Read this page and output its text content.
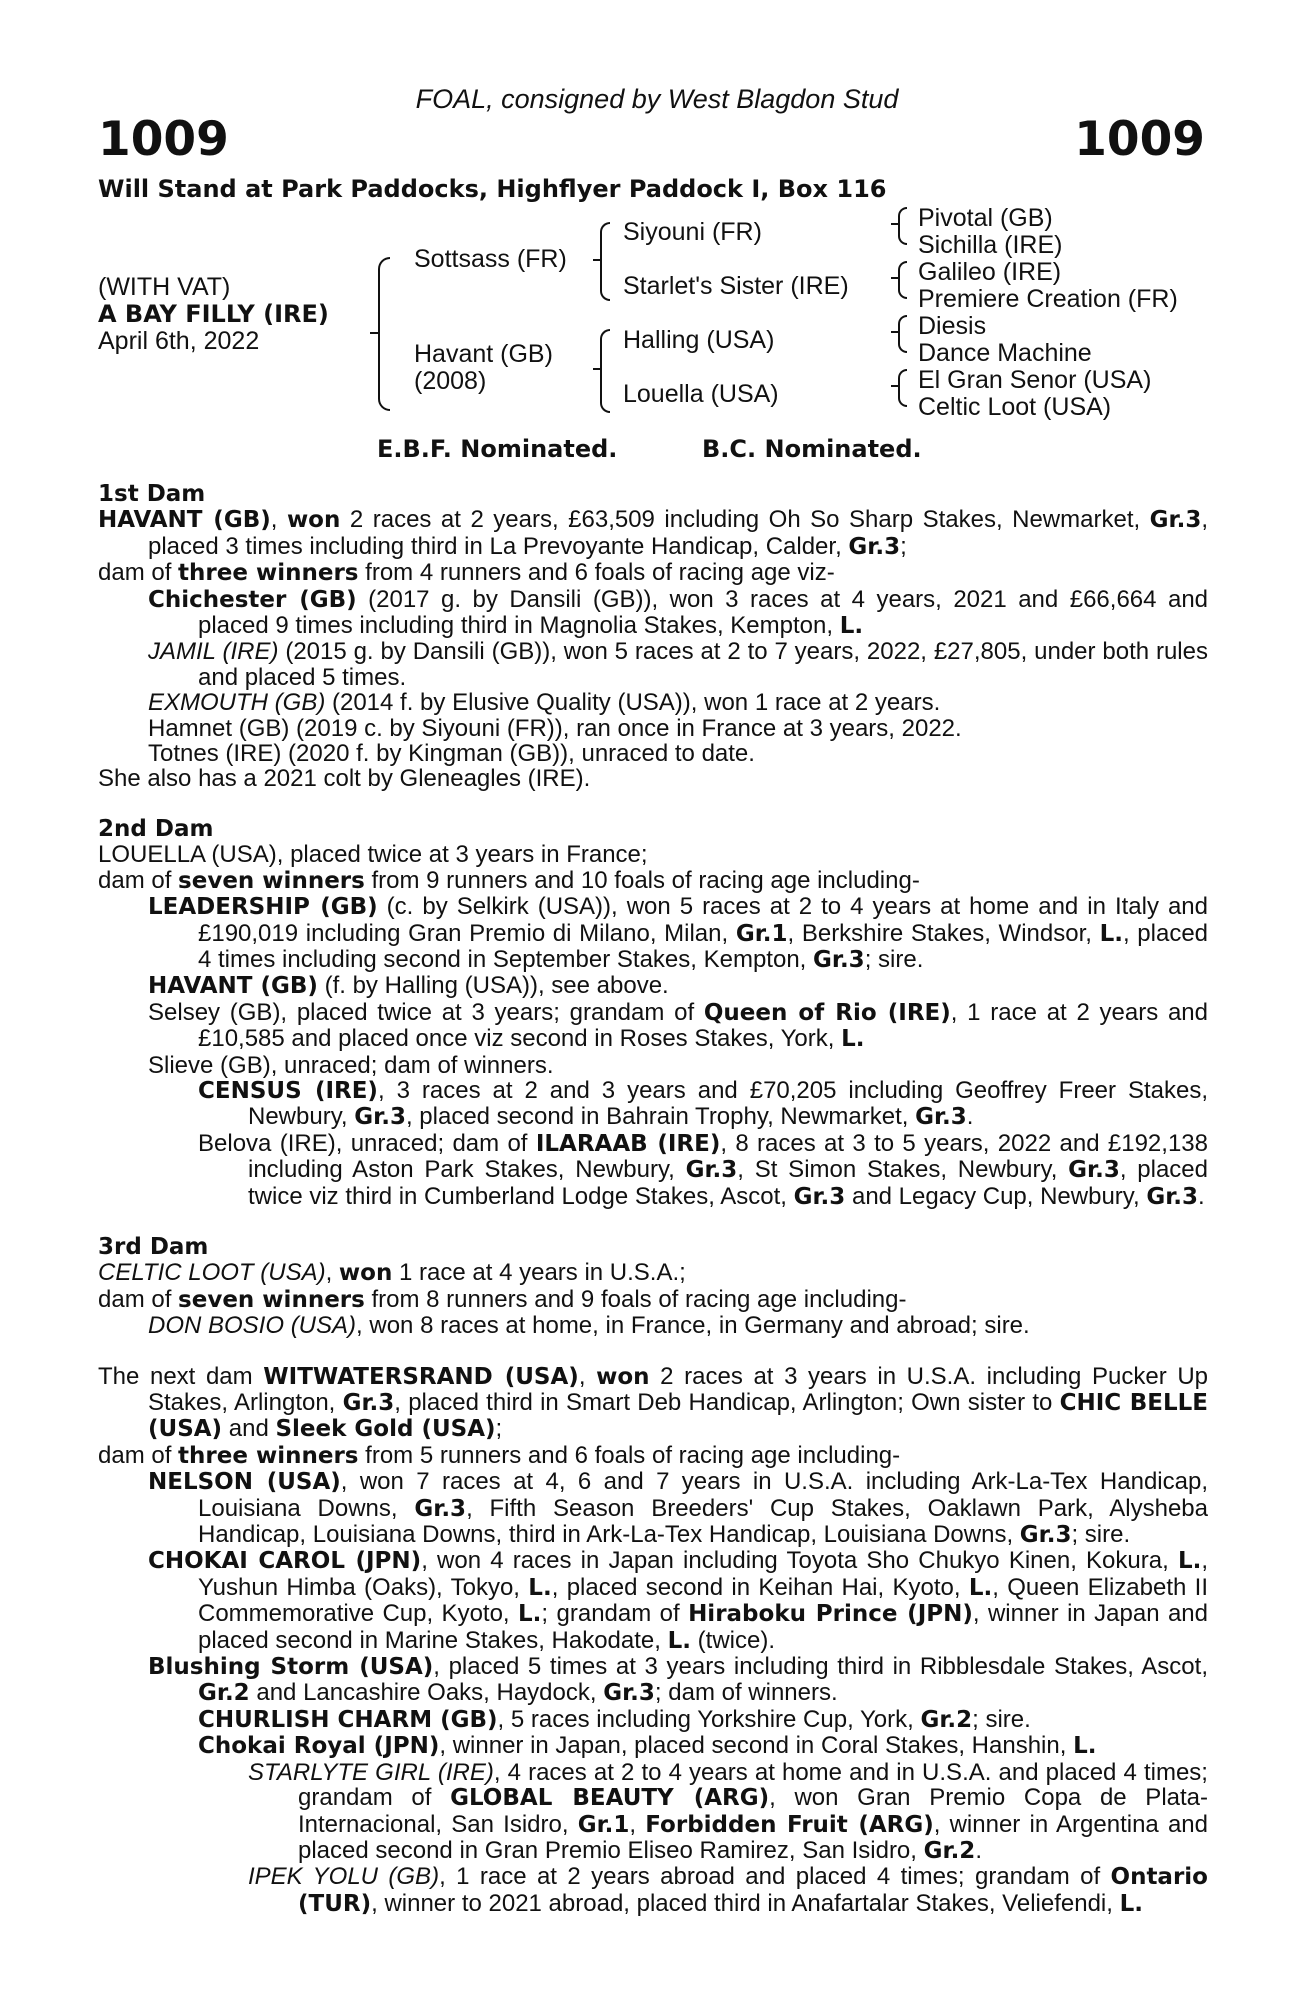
FOAL, consigned by West Blagdon Stud
1009	1009
Will Stand at Park Paddocks, Highflyer Paddock I, Box 116
(WITH VAT)
A BAY FILLY (IRE)
April 6th, 2022
Sottsass (FR)
Havant (GB)
(2008)
Siyouni (FR)
Starlet's Sister (IRE)
Halling (USA)
Louella (USA)
Pivotal (GB)
Sichilla (IRE)
Galileo (IRE)
Premiere Creation (FR)
Diesis
Dance Machine
El Gran Senor (USA)
Celtic Loot (USA)
E.B.F. Nominated.	B.C. Nominated.

1st Dam

HAVANT (GB), won 2 races at 2 years, £63,509 including Oh So Sharp Stakes, Newmarket, Gr.3, placed 3 times including third in La Prevoyante Handicap, Calder, Gr.3;

dam of three winners from 4 runners and 6 foals of racing age viz-

Chichester (GB) (2017 g. by Dansili (GB)), won 3 races at 4 years, 2021 and £66,664 and placed 9 times including third in Magnolia Stakes, Kempton, L.

JAMIL (IRE) (2015 g. by Dansili (GB)), won 5 races at 2 to 7 years, 2022, £27,805, under both rules and placed 5 times.

EXMOUTH (GB) (2014 f. by Elusive Quality (USA)), won 1 race at 2 years.

Hamnet (GB) (2019 c. by Siyouni (FR)), ran once in France at 3 years, 2022.

Totnes (IRE) (2020 f. by Kingman (GB)), unraced to date.

She also has a 2021 colt by Gleneagles (IRE).

2nd Dam

LOUELLA (USA), placed twice at 3 years in France;

dam of seven winners from 9 runners and 10 foals of racing age including-

LEADERSHIP (GB) (c. by Selkirk (USA)), won 5 races at 2 to 4 years at home and in Italy and £190,019 including Gran Premio di Milano, Milan, Gr.1, Berkshire Stakes, Windsor, L., placed 4 times including second in September Stakes, Kempton, Gr.3; sire.

HAVANT (GB) (f. by Halling (USA)), see above.

Selsey (GB), placed twice at 3 years; grandam of Queen of Rio (IRE), 1 race at 2 years and £10,585 and placed once viz second in Roses Stakes, York, L.

Slieve (GB), unraced; dam of winners.

CENSUS (IRE), 3 races at 2 and 3 years and £70,205 including Geoffrey Freer Stakes, Newbury, Gr.3, placed second in Bahrain Trophy, Newmarket, Gr.3.

Belova (IRE), unraced; dam of ILARAAB (IRE), 8 races at 3 to 5 years, 2022 and £192,138 including Aston Park Stakes, Newbury, Gr.3, St Simon Stakes, Newbury, Gr.3, placed twice viz third in Cumberland Lodge Stakes, Ascot, Gr.3 and Legacy Cup, Newbury, Gr.3.

3rd Dam

CELTIC LOOT (USA), won 1 race at 4 years in U.S.A.;

dam of seven winners from 8 runners and 9 foals of racing age including-

DON BOSIO (USA), won 8 races at home, in France, in Germany and abroad; sire.

The next dam WITWATERSRAND (USA), won 2 races at 3 years in U.S.A. including Pucker Up Stakes, Arlington, Gr.3, placed third in Smart Deb Handicap, Arlington; Own sister to CHIC BELLE (USA) and Sleek Gold (USA);

dam of three winners from 5 runners and 6 foals of racing age including-

NELSON (USA), won 7 races at 4, 6 and 7 years in U.S.A. including Ark-La-Tex Handicap, Louisiana Downs, Gr.3, Fifth Season Breeders' Cup Stakes, Oaklawn Park, Alysheba Handicap, Louisiana Downs, third in Ark-La-Tex Handicap, Louisiana Downs, Gr.3; sire.

CHOKAI CAROL (JPN), won 4 races in Japan including Toyota Sho Chukyo Kinen, Kokura, L., Yushun Himba (Oaks), Tokyo, L., placed second in Keihan Hai, Kyoto, L., Queen Elizabeth II Commemorative Cup, Kyoto, L.; grandam of Hiraboku Prince (JPN), winner in Japan and placed second in Marine Stakes, Hakodate, L. (twice).

Blushing Storm (USA), placed 5 times at 3 years including third in Ribblesdale Stakes, Ascot, Gr.2 and Lancashire Oaks, Haydock, Gr.3; dam of winners.

CHURLISH CHARM (GB), 5 races including Yorkshire Cup, York, Gr.2; sire.

Chokai Royal (JPN), winner in Japan, placed second in Coral Stakes, Hanshin, L.

STARLYTE GIRL (IRE), 4 races at 2 to 4 years at home and in U.S.A. and placed 4 times; grandam of GLOBAL BEAUTY (ARG), won Gran Premio Copa de Plata-Internacional, San Isidro, Gr.1, Forbidden Fruit (ARG), winner in Argentina and placed second in Gran Premio Eliseo Ramirez, San Isidro, Gr.2.

IPEK YOLU (GB), 1 race at 2 years abroad and placed 4 times; grandam of Ontario (TUR), winner to 2021 abroad, placed third in Anafartalar Stakes, Veliefendi, L.
